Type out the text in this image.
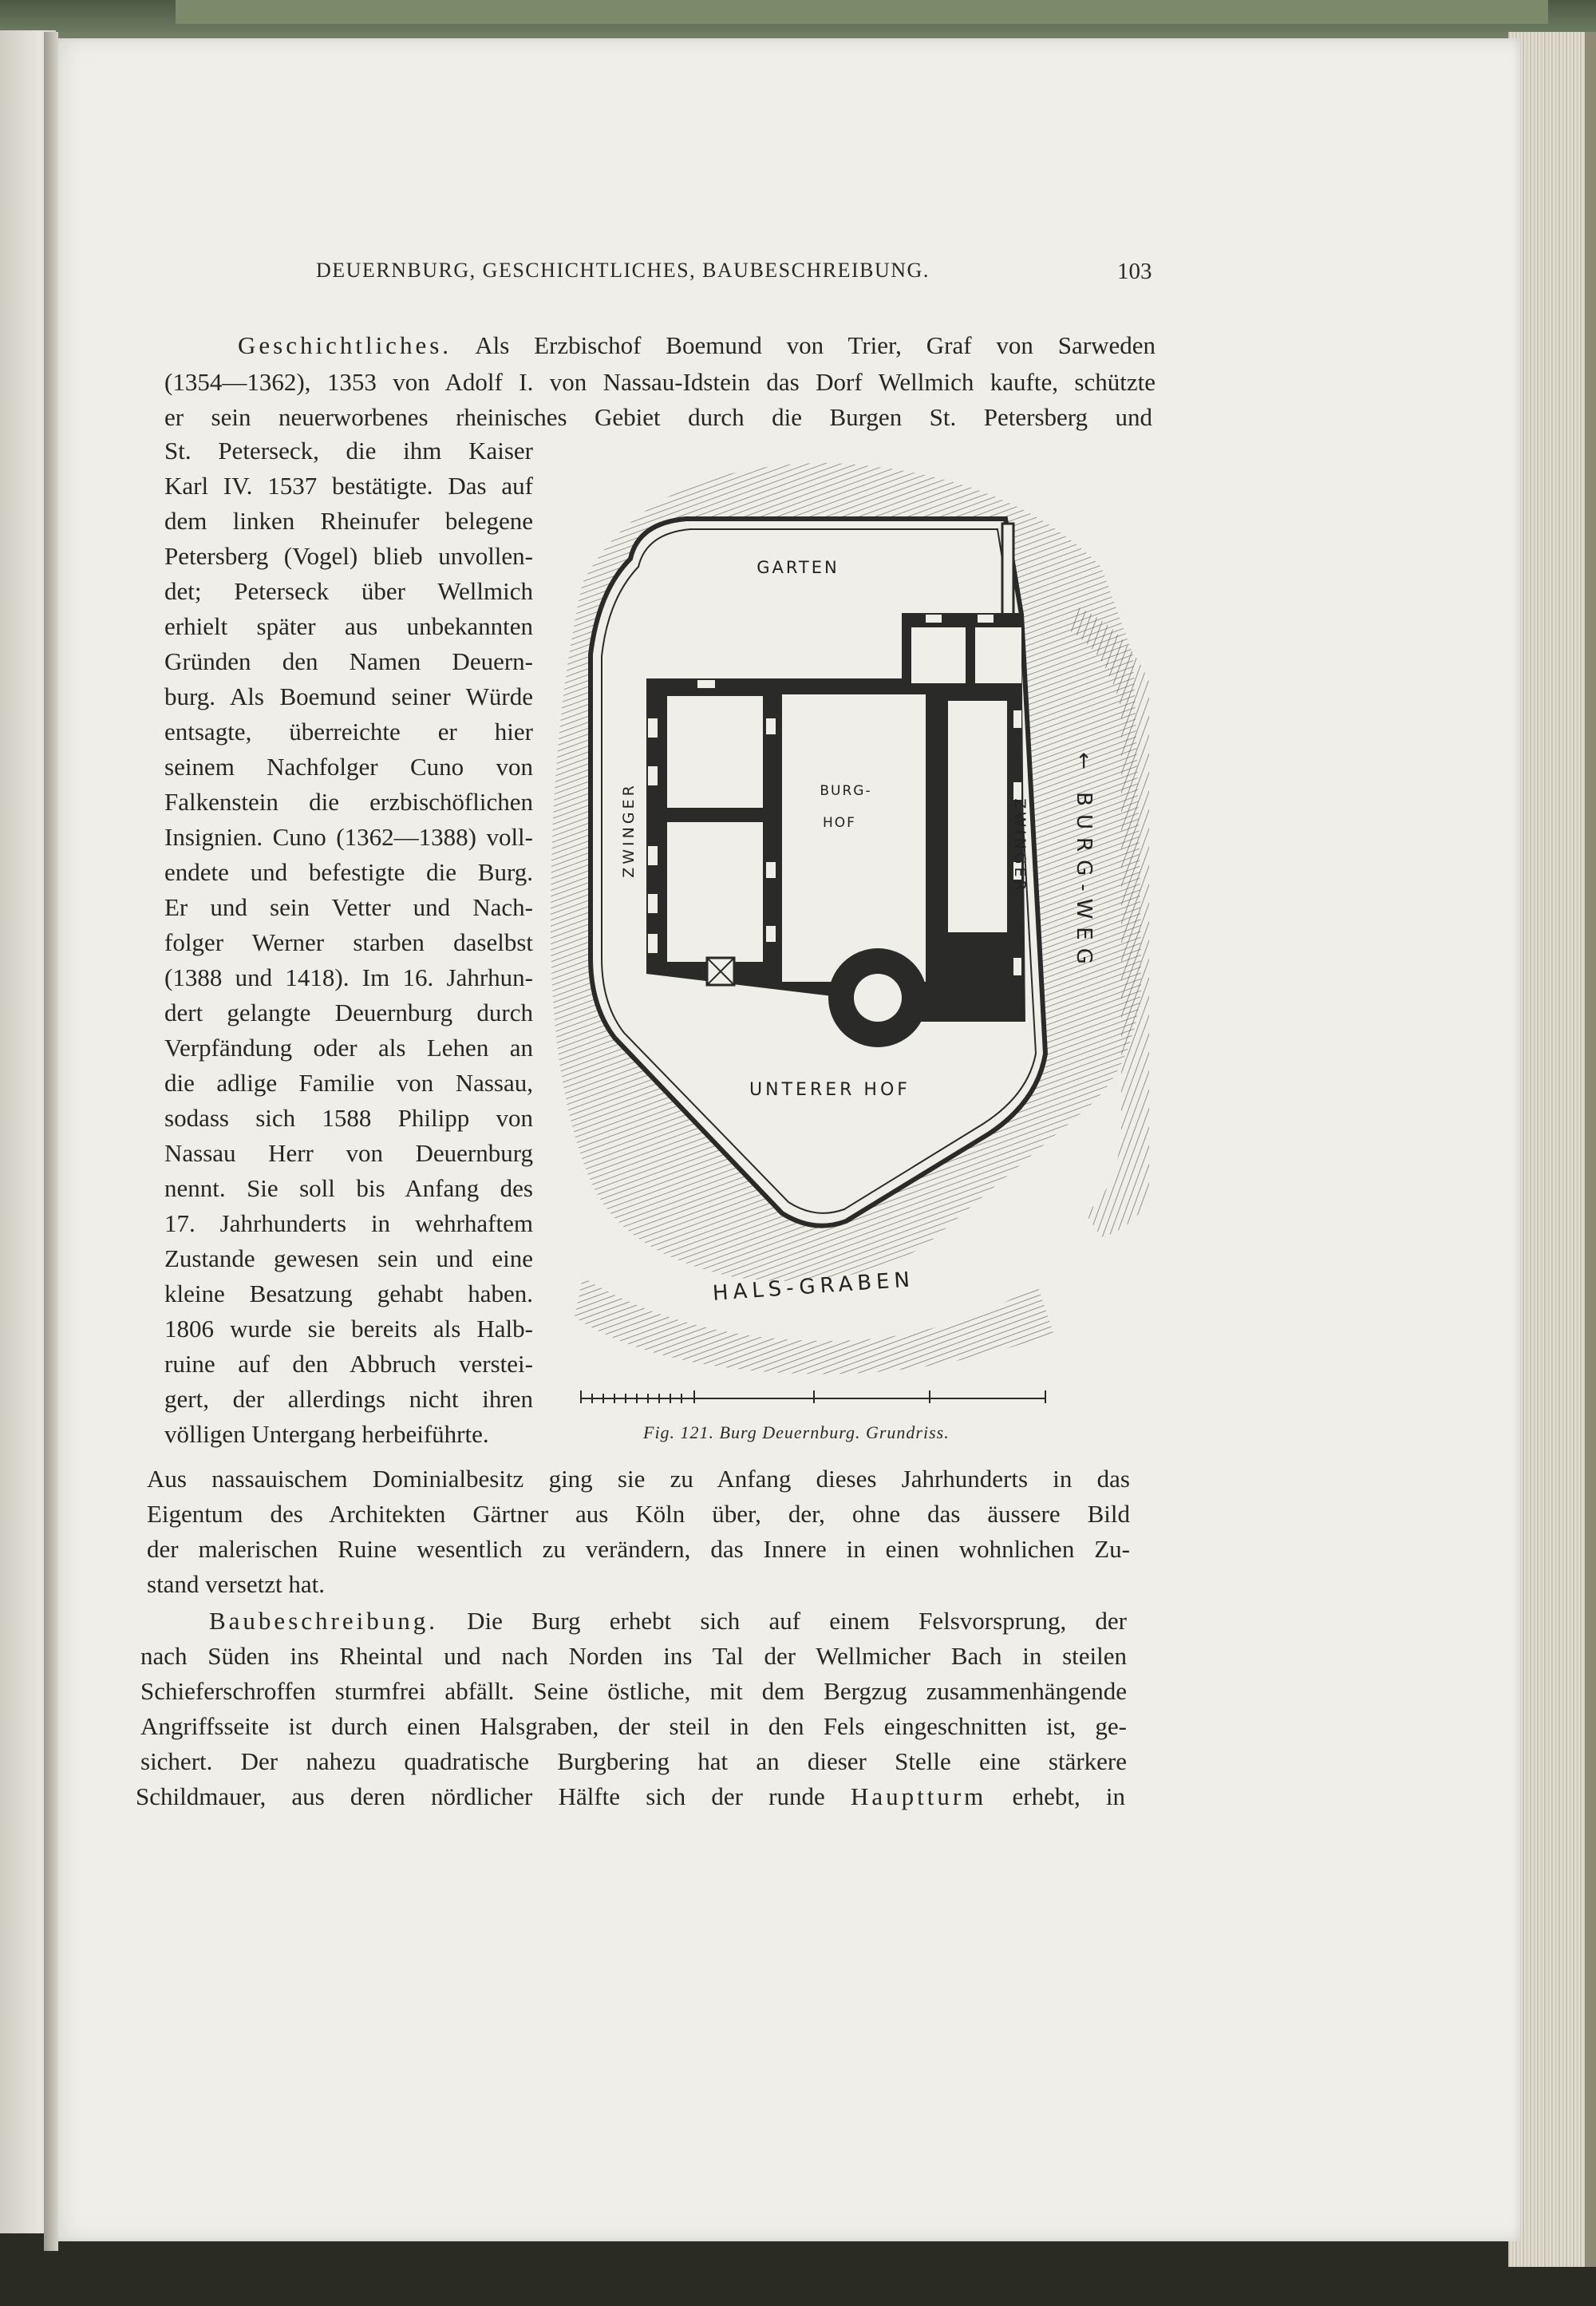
DEUERNBURG, GESCHICHTLICHES, BAUBESCHREIBUNG.	103
Geschichtliches. Als Erzbischof Boemund von Trier, Graf von Sarweden
(1354—1362), 1353 von Adolf I. von Nassau-Idstein das Dorf Wellmich kaufte, schützte
er sein neuerworbenes rheinisches Gebiet durch die Burgen St. Petersberg und
St. Peterseck, die ihm Kaiser
Karl IV. 1537 bestätigte. Das auf
dem linken Rheinufer belegene
Petersberg (Vogel) blieb unvollen-
det; Peterseck über Wellmich
erhielt später aus unbekannten
Gründen den Namen Deuern-
burg. Als Boemund seiner Würde
entsagte, überreichte er hier
seinem Nachfolger Cuno von
Falkenstein die erzbischöflichen
Insignien. Cuno (1362—1388) voll-
endete und befestigte die Burg.
Er und sein Vetter und Nach-
folger Werner starben daselbst
(1388 und 1418). Im 16. Jahrhun-
dert gelangte Deuernburg durch
Verpfändung oder als Lehen an
die adlige Familie von Nassau,
sodass sich 1588 Philipp von
Nassau Herr von Deuernburg
nennt. Sie soll bis Anfang des
17. Jahrhunderts in wehrhaftem
Zustande gewesen sein und eine
kleine Besatzung gehabt haben.
1806 wurde sie bereits als Halb-
ruine auf den Abbruch verstei-
gert, der allerdings nicht ihren
völligen Untergang herbeiführte.
GARTEN
BURG-
HOF
ZWINGER	ZWINGER ← BURG-WEG
UNTERER HOF
HALS-GRABEN
Fig. 121. Burg Deuernburg. Grundriss.
Aus nassauischem Dominialbesitz ging sie zu Anfang dieses Jahrhunderts in das
Eigentum des Architekten Gärtner aus Köln über, der, ohne das äussere Bild
der malerischen Ruine wesentlich zu verändern, das Innere in einen wohnlichen Zu-
stand versetzt hat.
Baubeschreibung. Die Burg erhebt sich auf einem Felsvorsprung, der
nach Süden ins Rheintal und nach Norden ins Tal der Wellmicher Bach in steilen
Schieferschroffen sturmfrei abfällt. Seine östliche, mit dem Bergzug zusammenhängende
Angriffsseite ist durch einen Halsgraben, der steil in den Fels eingeschnitten ist, ge-
sichert. Der nahezu quadratische Burgbering hat an dieser Stelle eine stärkere
Schildmauer, aus deren nördlicher Hälfte sich der runde Hauptturm erhebt, in
